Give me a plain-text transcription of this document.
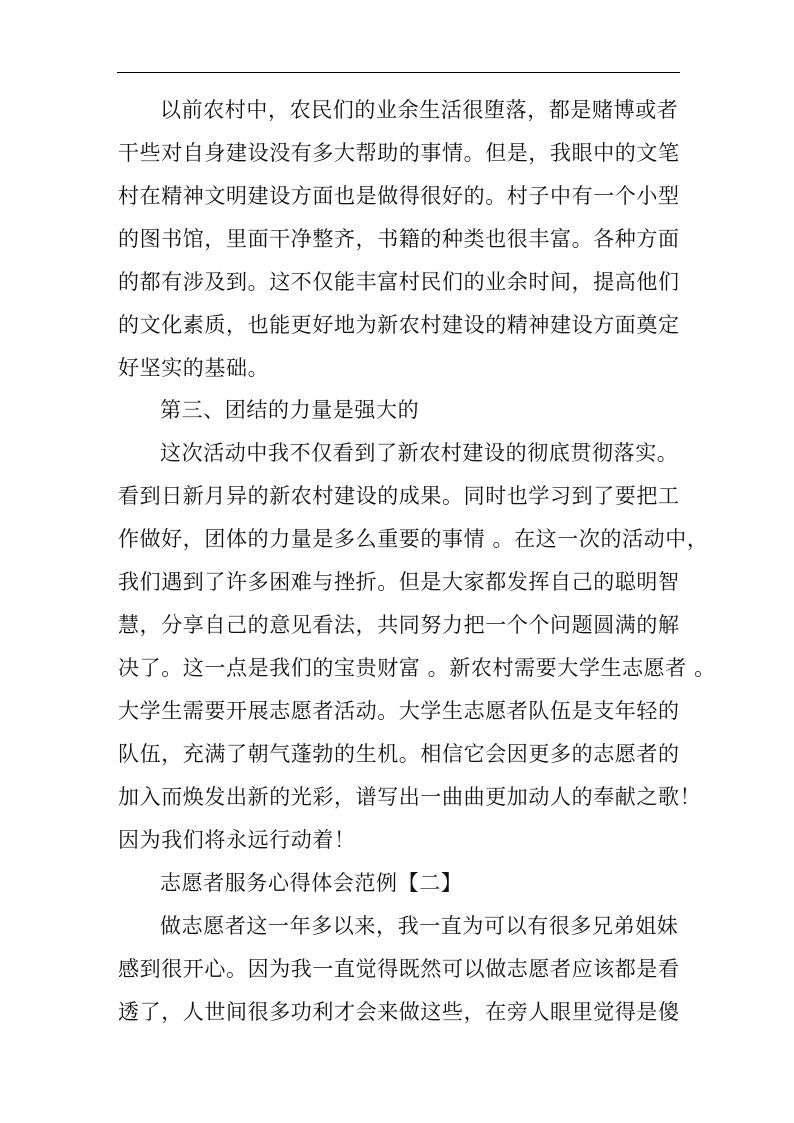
以前农村中，农民们的业余生活很堕落，都是赌博或者
干些对自身建设没有多大帮助的事情。但是，我眼中的文笔
村在精神文明建设方面也是做得很好的。村子中有一个小型
的图书馆，里面干净整齐，书籍的种类也很丰富。各种方面
的都有涉及到。这不仅能丰富村民们的业余时间，提高他们
的文化素质，也能更好地为新农村建设的精神建设方面奠定
好坚实的基础。
第三、团结的力量是强大的
这次活动中我不仅看到了新农村建设的彻底贯彻落实。
看到日新月异的新农村建设的成果。同时也学习到了要把工
作做好，团体的力量是多么重要的事情 。在这一次的活动中，
我们遇到了许多困难与挫折。但是大家都发挥自己的聪明智
慧，分享自己的意见看法，共同努力把一个个问题圆满的解
决了。这一点是我们的宝贵财富 。新农村需要大学生志愿者 。
大学生需要开展志愿者活动。大学生志愿者队伍是支年轻的
队伍，充满了朝气蓬勃的生机。相信它会因更多的志愿者的
加入而焕发出新的光彩，谱写出一曲曲更加动人的奉献之歌！
因为我们将永远行动着！
志愿者服务心得体会范例【二】
做志愿者这一年多以来，我一直为可以有很多兄弟姐妹
感到很开心。因为我一直觉得既然可以做志愿者应该都是看
透了，人世间很多功利才会来做这些，在旁人眼里觉得是傻
